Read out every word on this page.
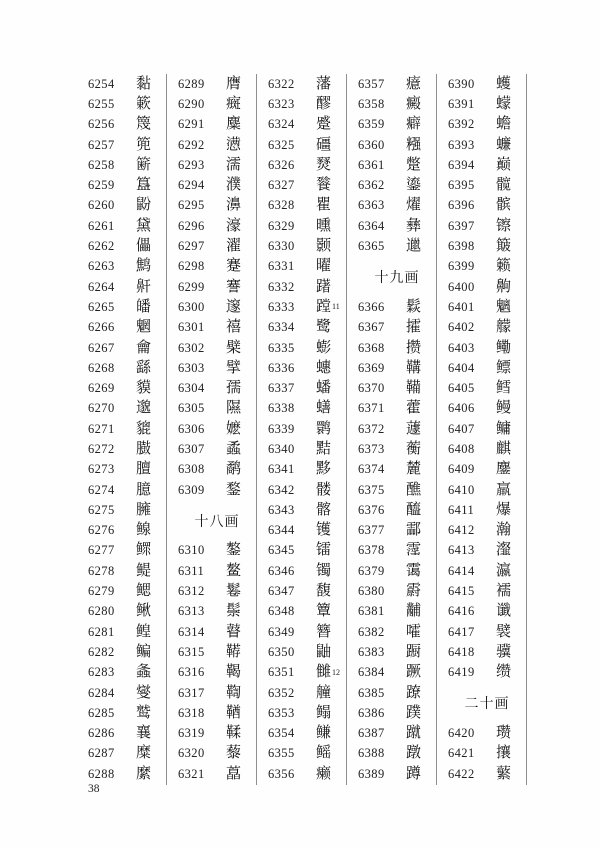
6254	黏
6255	簌
6256	篾
6257	篼
6258	簖
6259	簋
6260	鼢
6261	黛
6262	儡
6263	鹪
6264	鼾
6265	皤
6266	魍
6267	龠
6268	繇
6269	貘
6270	邈
6271	貔
6272	臌
6273	膻
6274	臆
6275	臃
6276	鳈
6277	鳏
6278	鳀
6279	鳃
6280	鳅
6281	鳇
6282	鳊
6283	螽
6284	燮
6285	鹫
6286	襄
6287	糜
6288	縻
6289	膺
6290	癍
6291	麋
6292	懑
6293	濡
6294	濮
6295	濞
6296	濠
6297	濯
6298	蹇
6299	謇
6300	邃
6301	禧
6302	檗
6303	擘
6304	孺
6305	隰
6306	嬷
6307	蟊
6308	鹬
6309	鍪
十八画
6310	鏊
6311	鳌
6312	鬈
6313	鬃
6314	瞽
6315	鞯
6316	鞨
6317	鞫
6318	鞧
6319	鞣
6320	藜
6321	藠
6322	藩
6323	醪
6324	蹙
6325	礓
6326	燹
6327	餮
6328	瞿
6329	曛
6330	颢
6331	曜
6332	躇
6333	蹚 11
6334	鹭
6335	蟛
6336	蟪
6337	蟠
6338	蟮
6339	鹮
6340	黠
6341	黟
6342	髅
6343	髂
6344	镬
6345	镭
6346	镯
6347	馥
6348	簟
6349	簪
6350	鼬
6351	雠 12
6352	艟
6353	鳎
6354	鳒
6355	鳐
6356	癞
6357	癔
6358	癜
6359	癖
6360	糨
6361	蹩
6362	鎏
6363	燿
6364	彝
6365	邋
十九画
6366	鬏
6367	攉
6368	攒
6369	鞲
6370	鞴
6371	藿
6372	蘧
6373	蘅
6374	麓
6375	醮
6376	醯
6377	酃
6378	霪
6379	霭
6380	霨
6381	黼
6382	嚯
6383	蹰
6384	蹶
6385	蹽
6386	蹼
6387	蹴
6388	蹾
6389	蹲
6390	蠖
6391	蠓
6392	蟾
6393	蠊
6394	巅
6395	髋
6396	髌
6397	镲
6398	簸
6399	籁
6400	齁
6401	魑
6402	艨
6403	鳓
6404	鳔
6405	鳕
6406	鳗
6407	鳙
6408	麒
6409	鏖
6410	羸
6411	爆
6412	瀚
6413	瀣
6414	瀛
6415	襦
6416	谶
6417	襞
6418	骥
6419	缵
二十画
6420	瓒
6421	攘
6422	蘩
38
